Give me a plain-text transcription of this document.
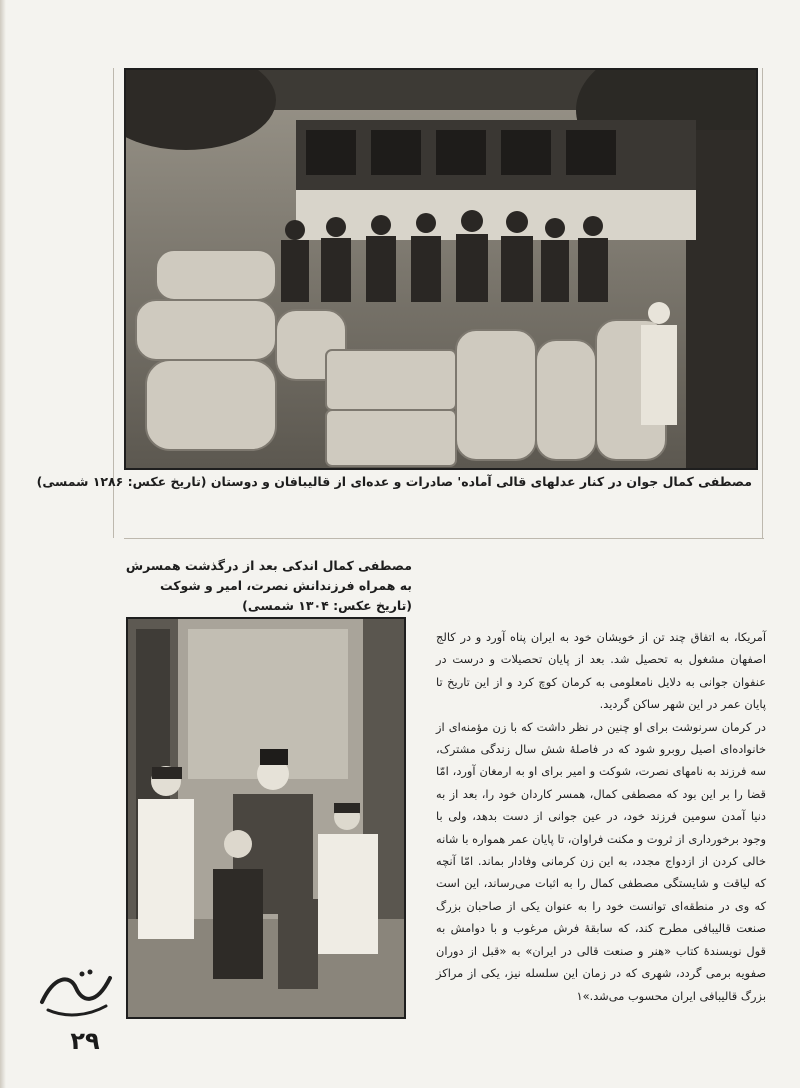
مصطفی کمال جوان در کنار عدلهای قالی آماده' صادرات و عده‌ای از قالیبافان و دوستان (تاریخ عکس: ۱۲۸۶ شمسی)
مصطفی کمال اندکی بعد از درگذشت همسرش
به همراه فرزندانش نصرت، امیر و شوکت
(تاریخ عکس: ۱۳۰۴ شمسی)

آمریکا، به اتفاق چند تن از خویشان خود به ایران پناه آورد و در کالج اصفهان مشغول به تحصیل شد. بعد از پایان تحصیلات و درست در عنفوان جوانی به دلایل نامعلومی به کرمان کوچ کرد و از این تاریخ تا پایان عمر در این شهر ساکن گردید.

در کرمان سرنوشت برای او چنین در نظر داشت که با زن مؤمنه‌ای از خانواده‌ای اصیل روبرو شود که در فاصلهٔ شش سال زندگی مشترک، سه فرزند به نامهای نصرت، شوکت و امیر برای او به ارمغان آورد، امّا قضا را بر این بود که مصطفی کمال، همسر کاردان خود را، بعد از به دنیا آمدن سومین فرزند خود، در عین جوانی از دست بدهد، ولی با وجود برخورداری از ثروت و مکنت فراوان، تا پایان عمر همواره با شانه خالی کردن از ازدواج مجدد، به این زن کرمانی وفادار بماند. امّا آنچه که لیاقت و شایستگی مصطفی کمال را به اثبات می‌رساند، این است که وی در منطقه‌ای توانست خود را به عنوان یکی از صاحبان بزرگ صنعت قالیبافی مطرح کند، که سابقهٔ فرش مرغوب و با دوامش به قول نویسندهٔ کتاب «هنر و صنعت قالی در ایران» به «قبل از دوران صفویه برمی گردد، شهری که در زمان این سلسله نیز، یکی از مراکز بزرگ قالیبافی ایران محسوب می‌شد.»۱

۲۹
